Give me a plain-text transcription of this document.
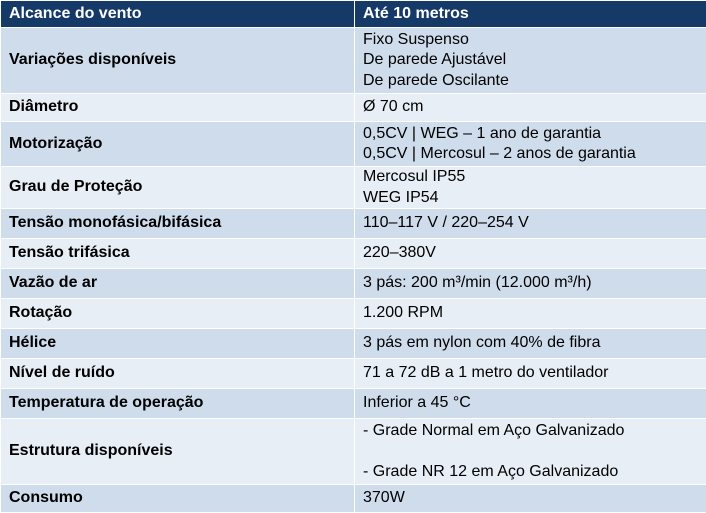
Alcance do vento	Até 10 metros
Variações disponíveis	Fixo Suspenso
De parede Ajustável
De parede Oscilante

Diâmetro	Ø 70 cm

Motorização	0,5CV | WEG – 1 ano de garantia
0,5CV | Mercosul – 2 anos de garantia

Grau de Proteção	Mercosul IP55
WEG IP54

Tensão monofásica/bifásica	110–117 V / 220–254 V

Tensão trifásica	220–380V

Vazão de ar	3 pás: 200 m³/min (12.000 m³/h)

Rotação	1.200 RPM

Hélice	3 pás em nylon com 40% de fibra

Nível de ruído	71 a 72 dB a 1 metro do ventilador

Temperatura de operação	Inferior a 45 °C

Estrutura disponíveis	- Grade Normal em Aço Galvanizado
- Grade NR 12 em Aço Galvanizado

Consumo	370W
